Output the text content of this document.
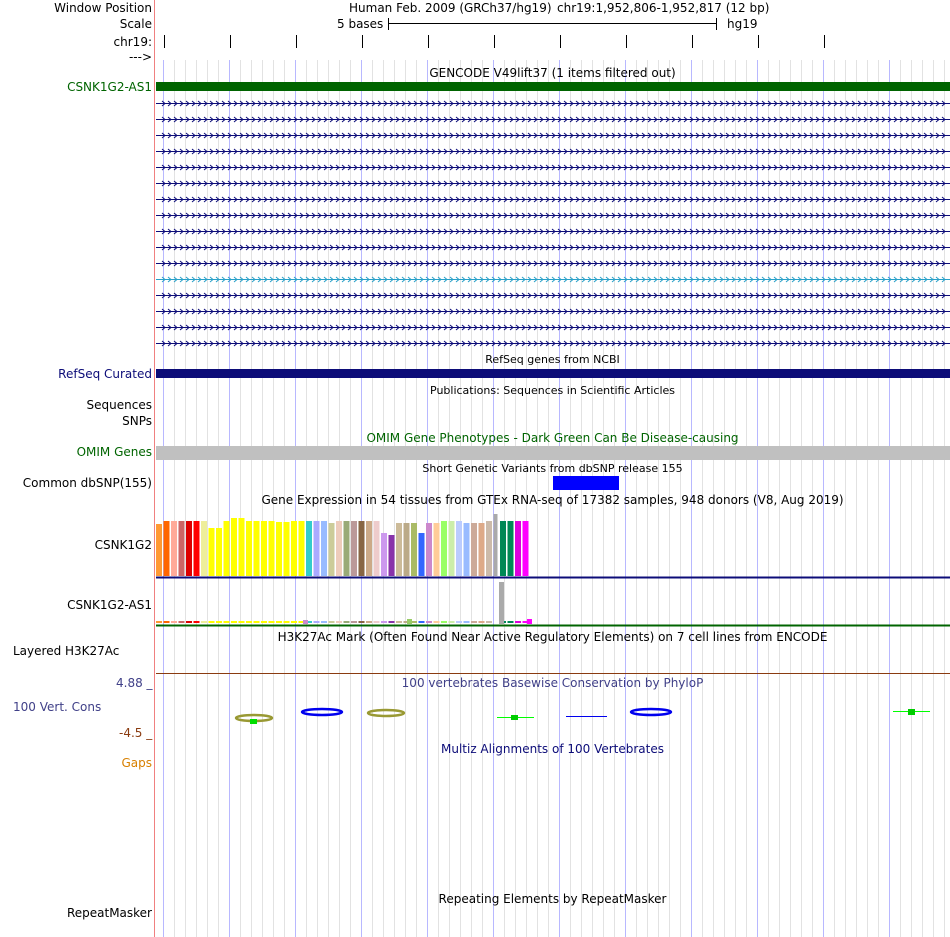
Window Position	Human Feb. 2009 (GRCh37/hg19) chr19:1,952,806-1,952,817 (12 bp)
Scale	5 bases	hg19
chr19:
--->
GENCODE V49lift37 (1 items filtered out)
CSNK1G2-AS1
RefSeq genes from NCBI
RefSeq Curated
Publications: Sequences in Scientific Articles
Sequences
SNPs
OMIM Gene Phenotypes - Dark Green Can Be Disease-causing
OMIM Genes
Short Genetic Variants from dbSNP release 155
Common dbSNP(155)
Gene Expression in 54 tissues from GTEx RNA-seq of 17382 samples, 948 donors (V8, Aug 2019)
CSNK1G2
CSNK1G2-AS1
H3K27Ac Mark (Often Found Near Active Regulatory Elements) on 7 cell lines from ENCODE
Layered H3K27Ac
4.88 _	100 vertebrates Basewise Conservation by PhyloP
100 Vert. Cons
-4.5 _
Multiz Alignments of 100 Vertebrates
Gaps
Repeating Elements by RepeatMasker
RepeatMasker
